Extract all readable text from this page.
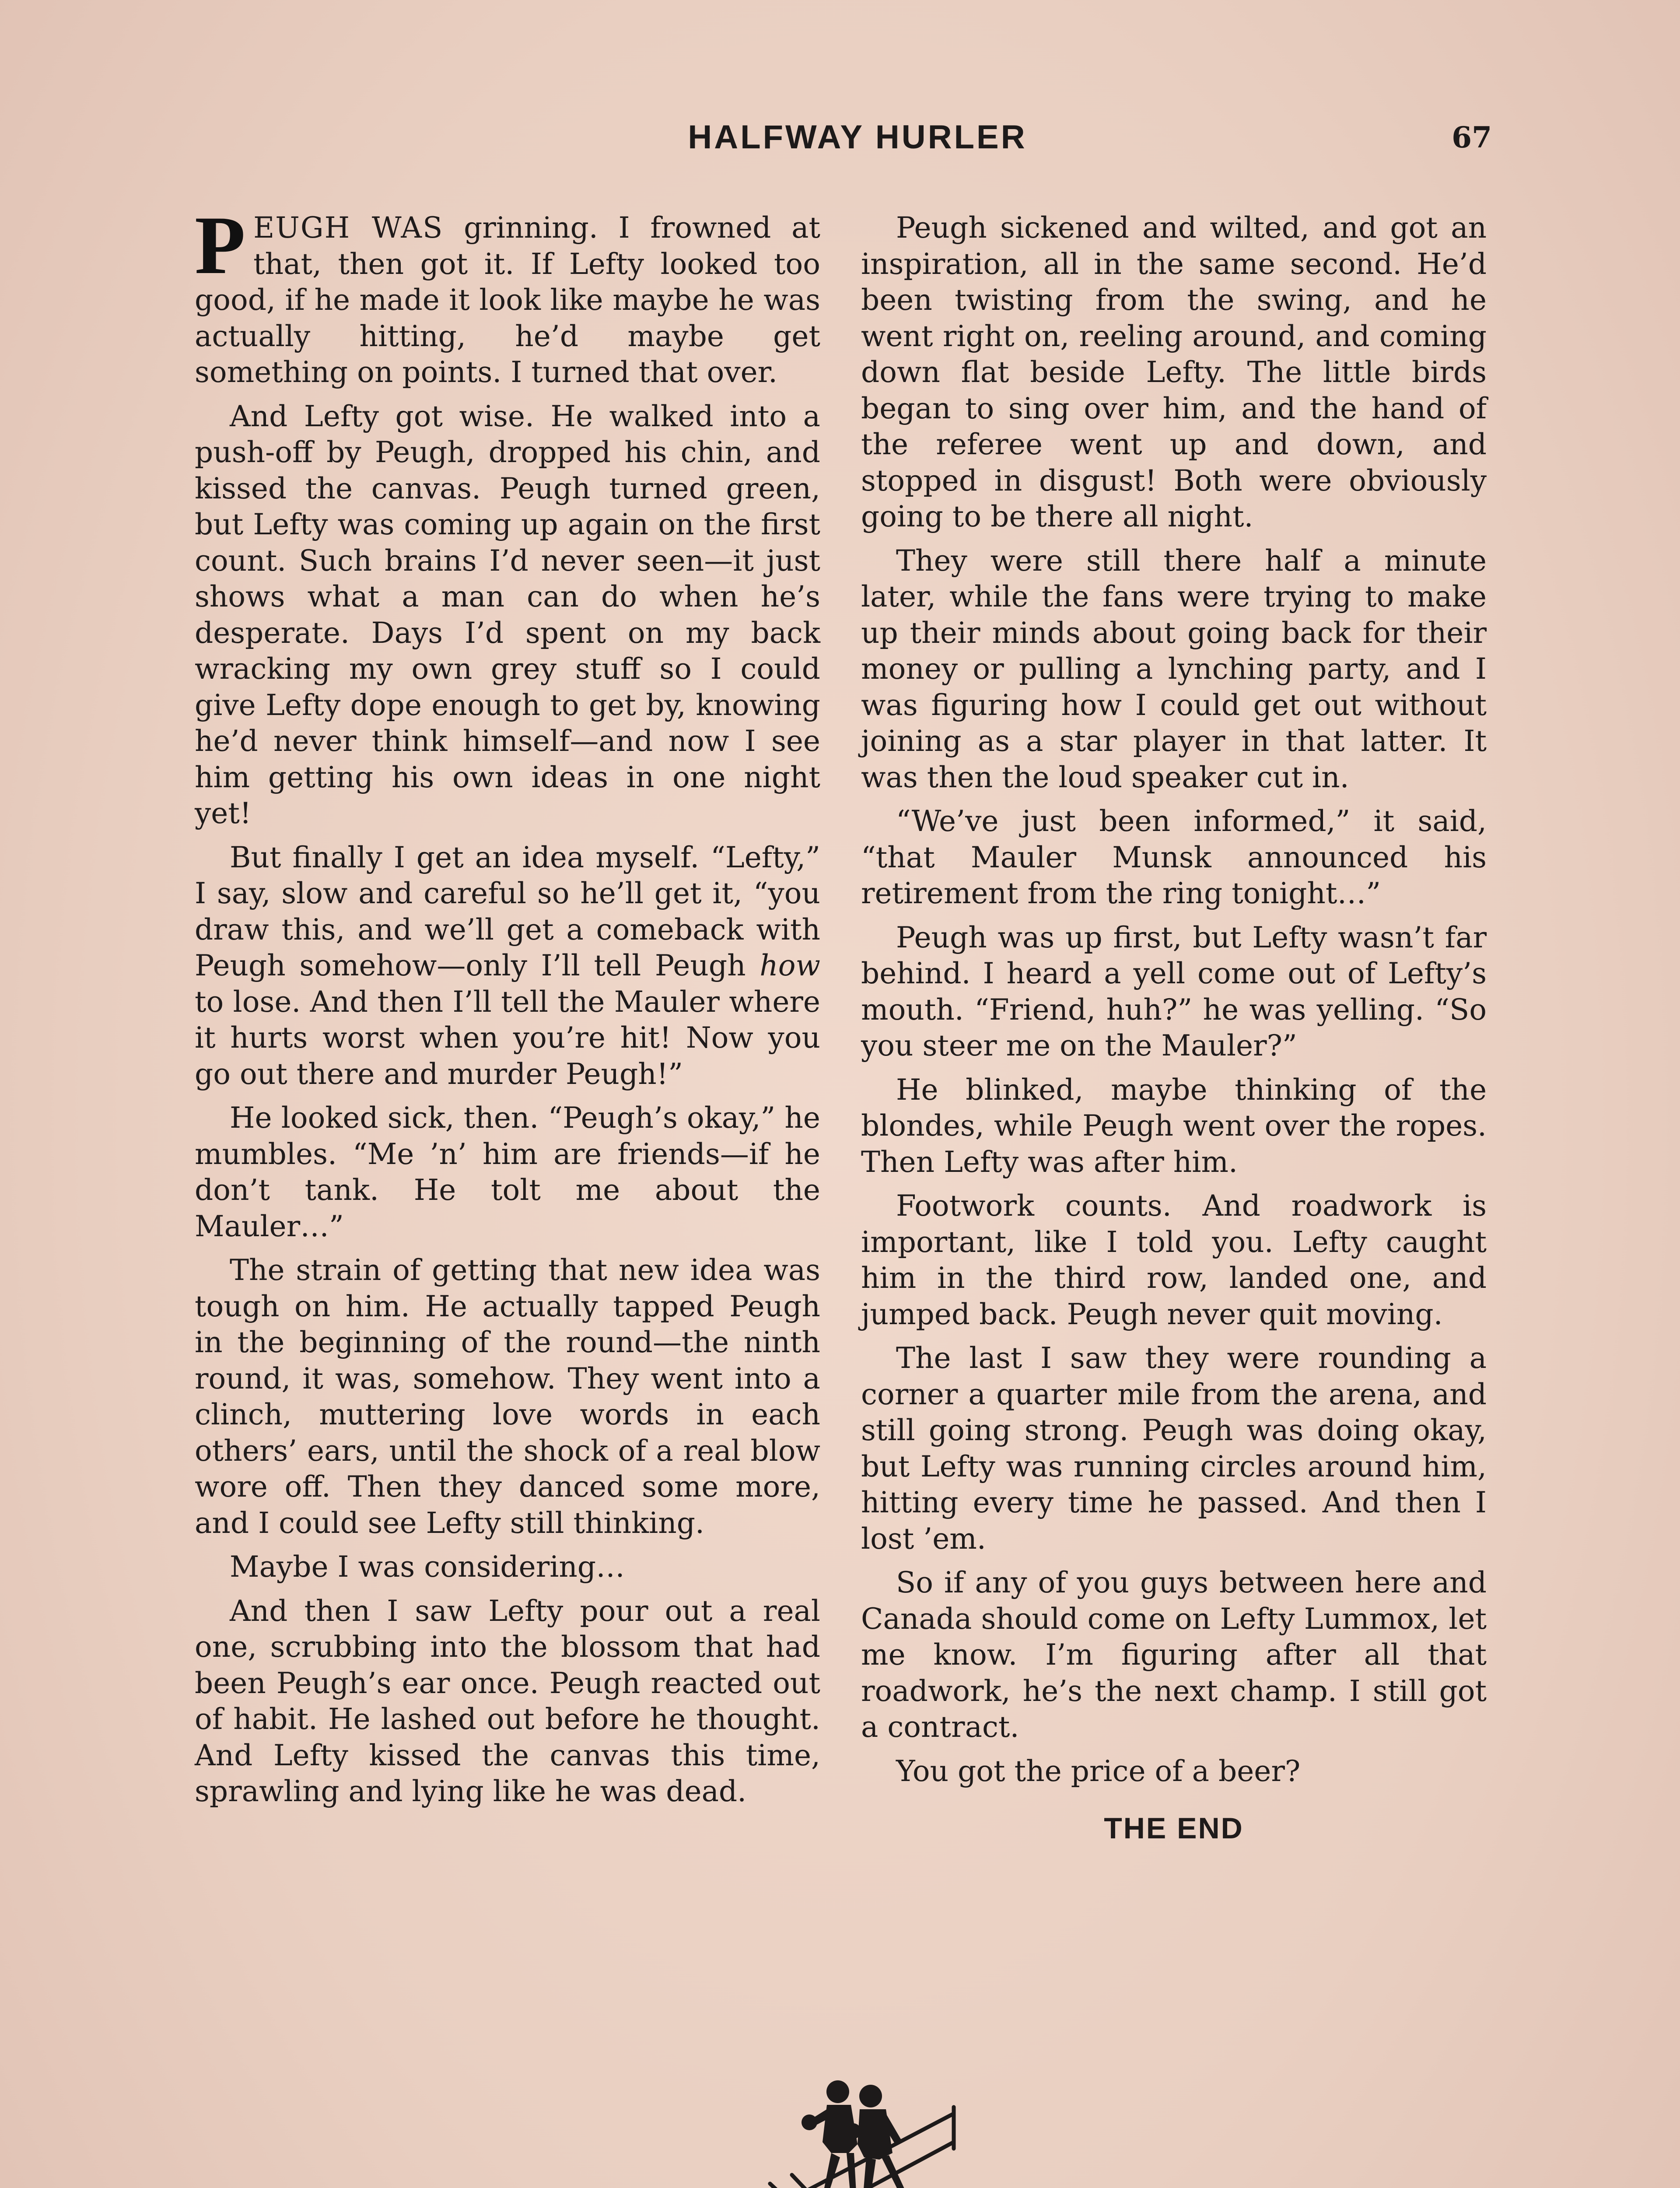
HALFWAY HURLER	67

PEUGH WAS grinning. I frowned at that, then got it. If Lefty looked too good, if he made it look like maybe he was actually hitting, he’d maybe get something on points. I turned that over.

And Lefty got wise. He walked into a push-off by Peugh, dropped his chin, and kissed the canvas. Peugh turned green, but Lefty was coming up again on the first count. Such brains I’d never seen—it just shows what a man can do when he’s desperate. Days I’d spent on my back wracking my own grey stuff so I could give Lefty dope enough to get by, knowing he’d never think himself—and now I see him getting his own ideas in one night yet!

But finally I get an idea myself. “Lefty,” I say, slow and careful so he’ll get it, “you draw this, and we’ll get a comeback with Peugh somehow—only I’ll tell Peugh how to lose. And then I’ll tell the Mauler where it hurts worst when you’re hit! Now you go out there and murder Peugh!”

He looked sick, then. “Peugh’s okay,” he mumbles. “Me ’n’ him are friends—if he don’t tank. He tolt me about the Mauler…”

The strain of getting that new idea was tough on him. He actually tapped Peugh in the beginning of the round—the ninth round, it was, somehow. They went into a clinch, muttering love words in each others’ ears, until the shock of a real blow wore off. Then they danced some more, and I could see Lefty still thinking.

Maybe I was considering…

And then I saw Lefty pour out a real one, scrubbing into the blossom that had been Peugh’s ear once. Peugh reacted out of habit. He lashed out before he thought. And Lefty kissed the canvas this time, sprawling and lying like he was dead.

Peugh sickened and wilted, and got an inspiration, all in the same second. He’d been twisting from the swing, and he went right on, reeling around, and coming down flat beside Lefty. The little birds began to sing over him, and the hand of the referee went up and down, and stopped in disgust! Both were obviously going to be there all night.

They were still there half a minute later, while the fans were trying to make up their minds about going back for their money or pulling a lynching party, and I was figuring how I could get out without joining as a star player in that latter. It was then the loud speaker cut in.

“We’ve just been informed,” it said, “that Mauler Munsk announced his retirement from the ring tonight…”

Peugh was up first, but Lefty wasn’t far behind. I heard a yell come out of Lefty’s mouth. “Friend, huh?” he was yelling. “So you steer me on the Mauler?”

He blinked, maybe thinking of the blondes, while Peugh went over the ropes. Then Lefty was after him.

Footwork counts. And roadwork is important, like I told you. Lefty caught him in the third row, landed one, and jumped back. Peugh never quit moving.

The last I saw they were rounding a corner a quarter mile from the arena, and still going strong. Peugh was doing okay, but Lefty was running circles around him, hitting every time he passed. And then I lost ’em.

So if any of you guys between here and Canada should come on Lefty Lummox, let me know. I’m figuring after all that roadwork, he’s the next champ. I still got a contract.

You got the price of a beer?

THE END
